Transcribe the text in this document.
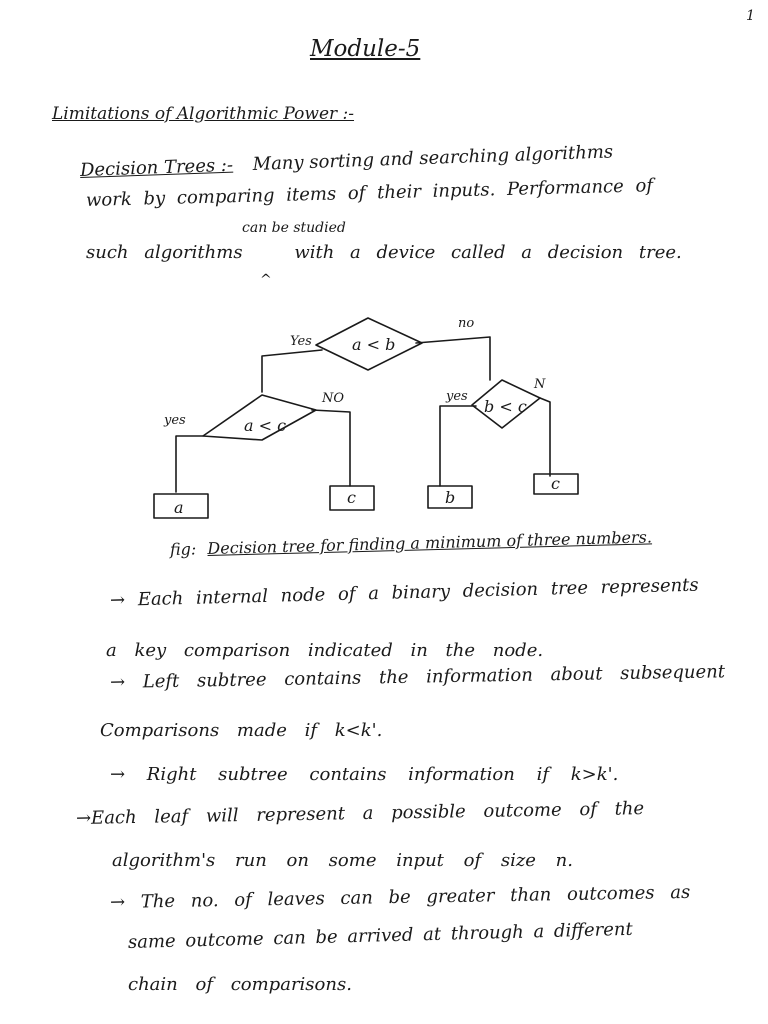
1
Module-5
Limitations of Algorithmic Power :-
Decision Trees :- Many sorting and searching algorithms
work by comparing items of their inputs. Performance of
can be studied
such algorithms	with a device called a decision tree.
^
a < b
a < c
b < c
a
c	b
c
Yes
no
yes
NO	yes
N
fig: Decision tree for finding a minimum of three numbers.
→ Each internal node of a binary decision tree represents
a key comparison indicated in the node.
→ Left subtree contains the information about subsequent
Comparisons made if k<k'.
→ Right subtree contains information if k>k'.
→Each leaf will represent a possible outcome of the
algorithm's run on some input of size n.
→ The no. of leaves can be greater than outcomes as
same outcome can be arrived at through a different
chain of comparisons.
